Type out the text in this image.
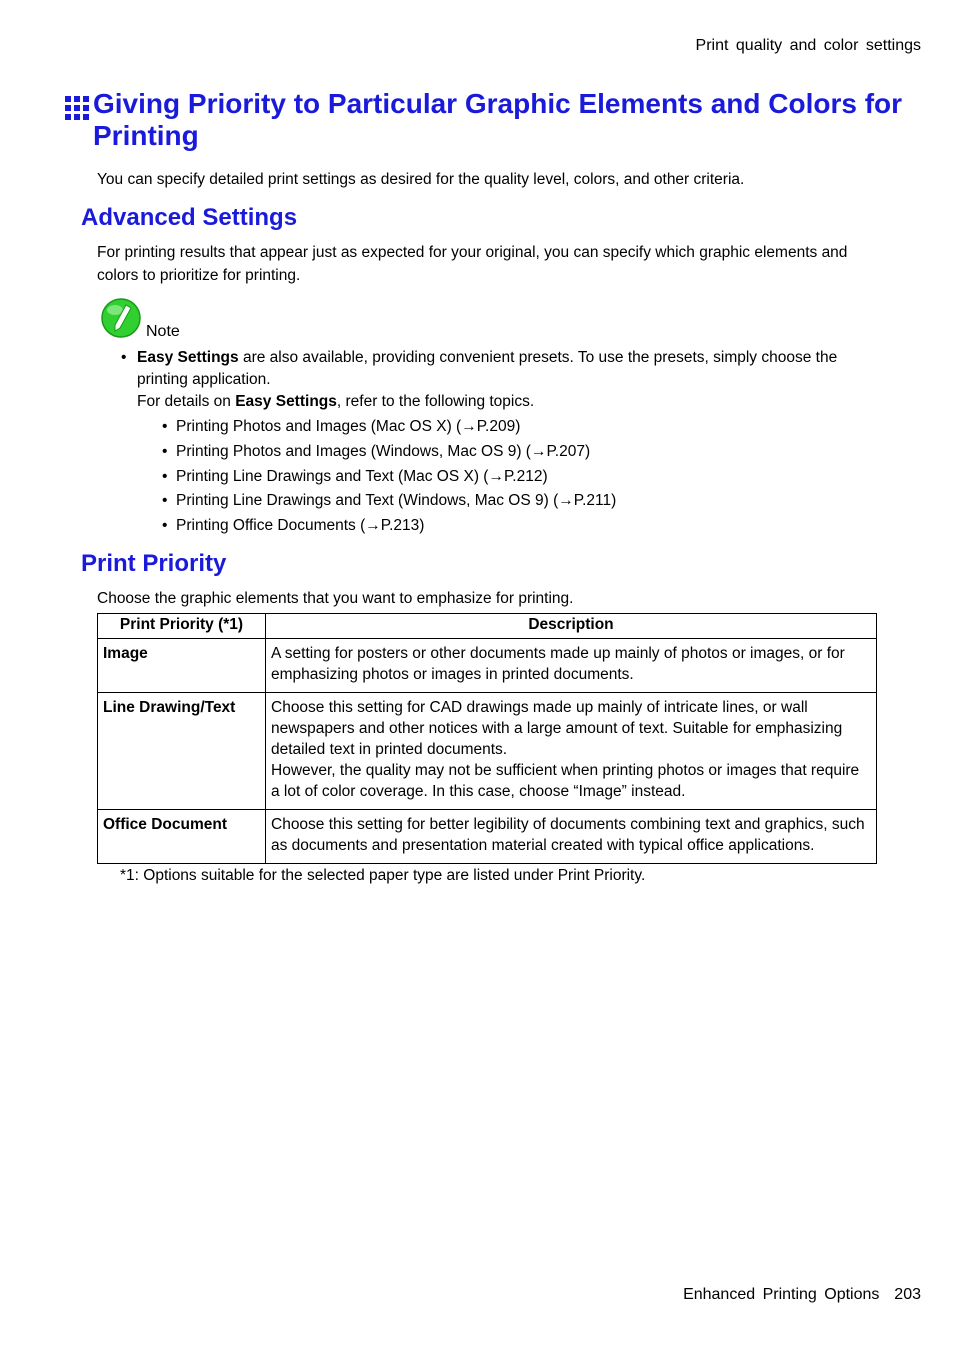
Print quality and color settings
Giving Priority to Particular Graphic Elements and Colors for Printing
You can specify detailed print settings as desired for the quality level, colors, and other criteria.
Advanced Settings
For printing results that appear just as expected for your original, you can specify which graphic elements and colors to prioritize for printing.
Note
• Easy Settings are also available, providing convenient presets. To use the presets, simply choose the printing application.
For details on Easy Settings, refer to the following topics.
•  Printing Photos and Images (Mac OS X) (→P.209)
•  Printing Photos and Images (Windows, Mac OS 9) (→P.207)
•  Printing Line Drawings and Text (Mac OS X) (→P.212)
•  Printing Line Drawings and Text (Windows, Mac OS 9) (→P.211)
•  Printing Office Documents (→P.213)
Print Priority
Choose the graphic elements that you want to emphasize for printing.
Print Priority (*1)	Description
Image	A setting for posters or other documents made up mainly of photos or images, or for emphasizing photos or images in printed documents.

Line Drawing/Text	Choose this setting for CAD drawings made up mainly of intricate lines, or wall newspapers and other notices with a large amount of text. Suitable for emphasizing detailed text in printed documents.
However, the quality may not be sufficient when printing photos or images that require a lot of color coverage. In this case, choose “Image” instead.

Office Document	Choose this setting for better legibility of documents combining text and graphics, such as documents and presentation material created with typical office applications.
*1: Options suitable for the selected paper type are listed under Print Priority.
Enhanced Printing Options 203
